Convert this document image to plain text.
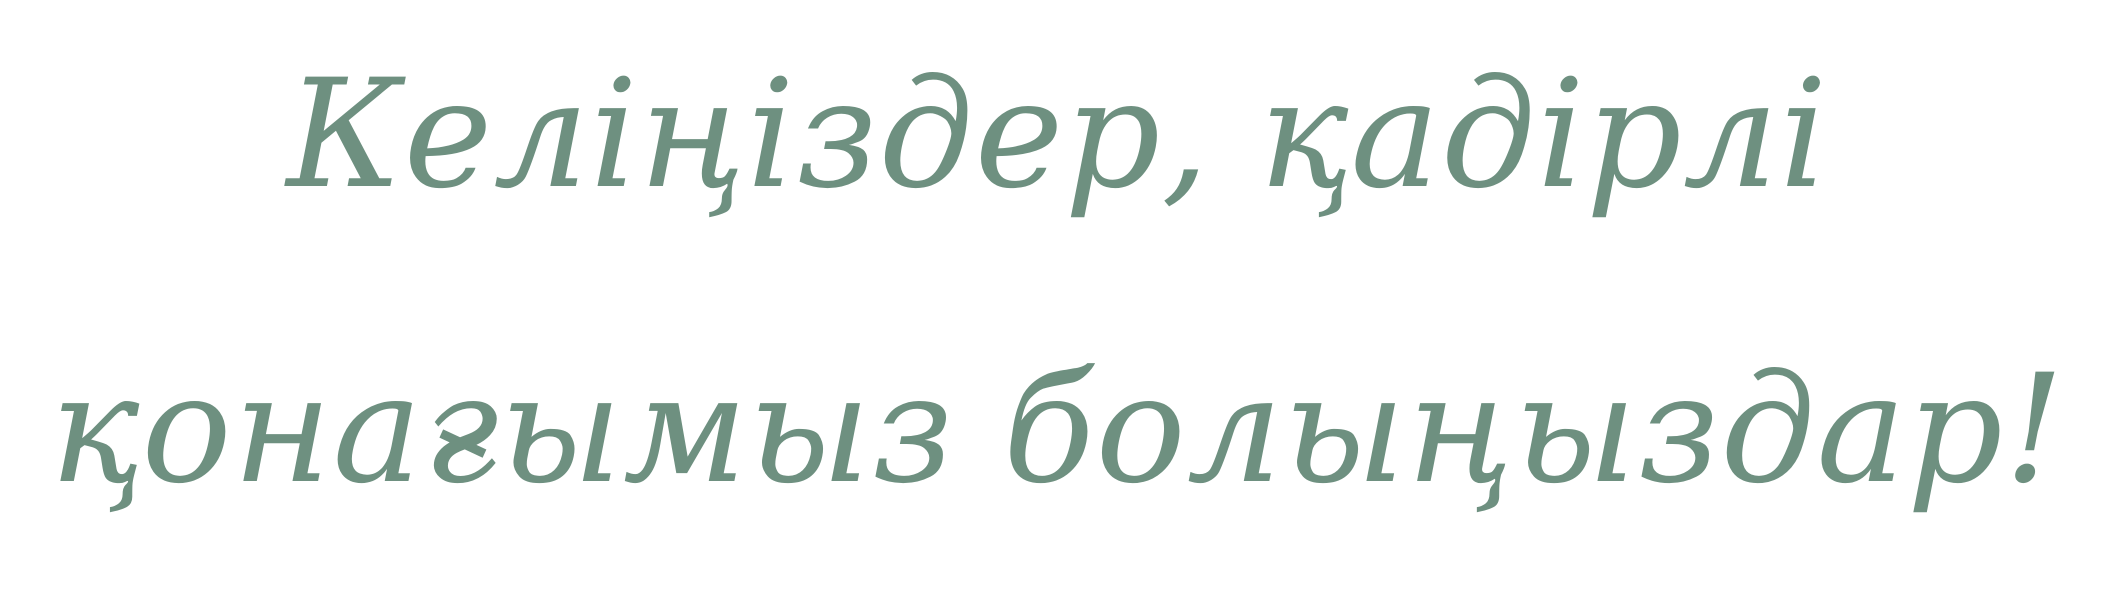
Келіңіздер, қадірлі
қонағымыз болыңыздар!
